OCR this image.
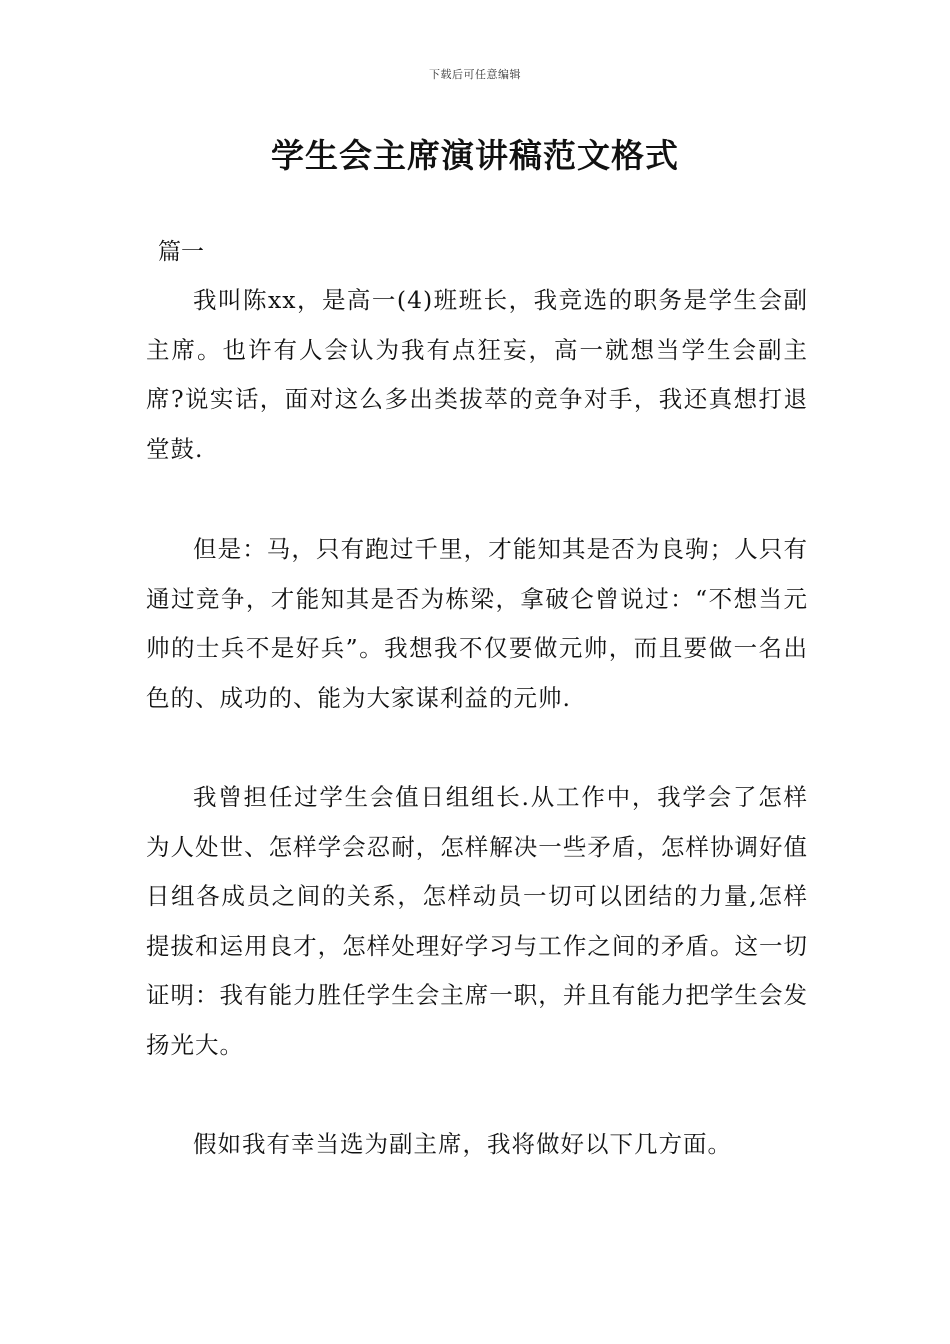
下载后可任意编辑
学生会主席演讲稿范文格式
篇一

我叫陈xx，是高一(4)班班长，我竞选的职务是学生会副主席。也许有人会认为我有点狂妄，高一就想当学生会副主席?说实话，面对这么多出类拔萃的竞争对手，我还真想打退堂鼓.

但是：马，只有跑过千里，才能知其是否为良驹；人只有通过竞争，才能知其是否为栋梁，拿破仑曾说过：“不想当元帅的士兵不是好兵”。我想我不仅要做元帅，而且要做一名出色的、成功的、能为大家谋利益的元帅.

我曾担任过学生会值日组组长.从工作中，我学会了怎样为人处世、怎样学会忍耐，怎样解决一些矛盾，怎样协调好值日组各成员之间的关系，怎样动员一切可以团结的力量,怎样提拔和运用良才，怎样处理好学习与工作之间的矛盾。这一切证明：我有能力胜任学生会主席一职，并且有能力把学生会发扬光大。

假如我有幸当选为副主席，我将做好以下几方面。
